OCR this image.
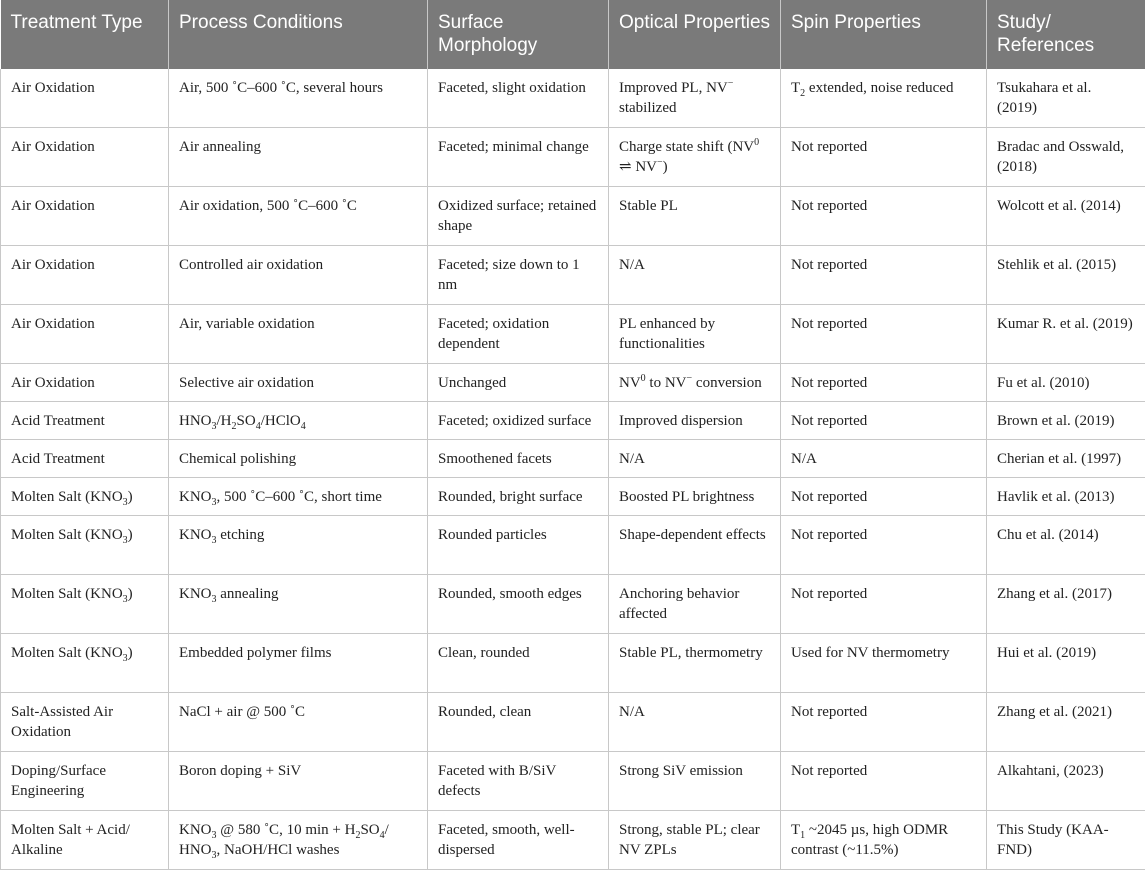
Treatment Type	Process Conditions	Surface Morphology	Optical Properties	Spin Properties	Study/ References
Air Oxidation	Air, 500 ˚C–600 ˚C, several hours	Faceted, slight oxidation	Improved PL, NV− stabilized	$T_2$ extended, noise reduced	Tsukahara et al. (2019)
Air Oxidation	Air annealing	Faceted; minimal change	Charge state shift ($NV^0$ ⇌ NV−)	Not reported	Bradac and Osswald, (2018)
Air Oxidation	Air oxidation, 500 ˚C–600 ˚C	Oxidized surface; retained shape	Stable PL	Not reported	Wolcott et al. (2014)
Air Oxidation	Controlled air oxidation	Faceted; size down to 1 nm	N/A	Not reported	Stehlik et al. (2015)
Air Oxidation	Air, variable oxidation	Faceted; oxidation dependent	PL enhanced by functionalities	Not reported	Kumar R. et al. (2019)
Air Oxidation	Selective air oxidation	Unchanged	$NV^0$ to NV− conversion	Not reported	Fu et al. (2010)
Acid Treatment	$HNO_3/H_2SO_4/HClO_4$	Faceted; oxidized surface	Improved dispersion	Not reported	Brown et al. (2019)
Acid Treatment	Chemical polishing	Smoothened facets	N/A	N/A	Cherian et al. (1997)
Molten Salt $(KNO_3)$	$KNO_3$, 500 ˚C–600 ˚C, short time	Rounded, bright surface	Boosted PL brightness	Not reported	Havlik et al. (2013)
Molten Salt $(KNO_3)$	$KNO_3$ etching	Rounded particles	Shape-dependent effects	Not reported	Chu et al. (2014)
Molten Salt $(KNO_3)$	$KNO_3$ annealing	Rounded, smooth edges	Anchoring behavior affected	Not reported	Zhang et al. (2017)
Molten Salt $(KNO_3)$	Embedded polymer films	Clean, rounded	Stable PL, thermometry	Used for NV thermometry	Hui et al. (2019)
Salt-Assisted Air Oxidation	NaCl + air @ 500 ˚C	Rounded, clean	N/A	Not reported	Zhang et al. (2021)
Doping/Surface Engineering	Boron doping + SiV	Faceted with B/SiV defects	Strong SiV emission	Not reported	Alkahtani, (2023)
Molten Salt + Acid/ Alkaline	$KNO_3$ @ 580 ˚C, 10 $\min + H_2SO_4/$ $HNO_3$, NaOH/HCl washes	Faceted, smooth, well-dispersed	Strong, stable PL; clear NV ZPLs	$T_1$ ~2045 µs, high ODMR contrast (~11.5%)	This Study (KAA-FND)
